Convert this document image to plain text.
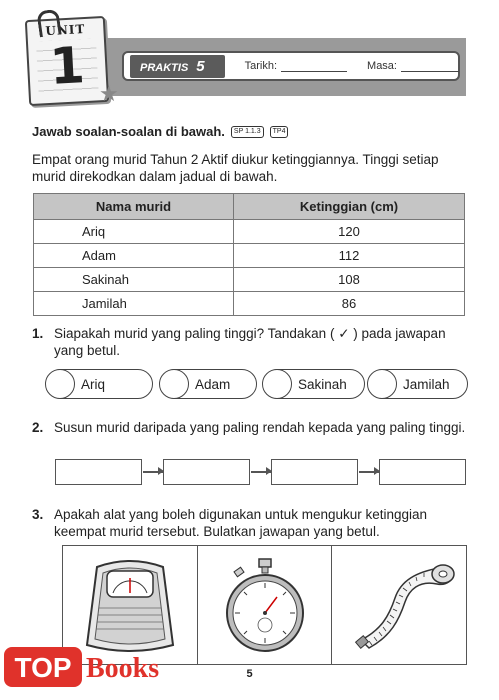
UNIT
1 ★
PRAKTIS 5	Tarikh:	Masa:
Jawab soalan-soalan di bawah.	SP 1.1.3	TP4
Empat orang murid Tahun 2 Aktif diukur ketinggiannya. Tinggi setiap murid direkodkan dalam jadual di bawah.
Nama murid	Ketinggian (cm)
Ariq	120
Adam	112
Sakinah	108
Jamilah	86
1. Siapakah murid yang paling tinggi? Tandakan ( ✓ ) pada jawapan yang betul.
Ariq	Adam	Sakinah	Jamilah
2. Susun murid daripada yang paling rendah kepada yang paling tinggi.
3. Apakah alat yang boleh digunakan untuk mengukur ketinggian keempat murid tersebut. Bulatkan jawapan yang betul.
5
TOP Books
